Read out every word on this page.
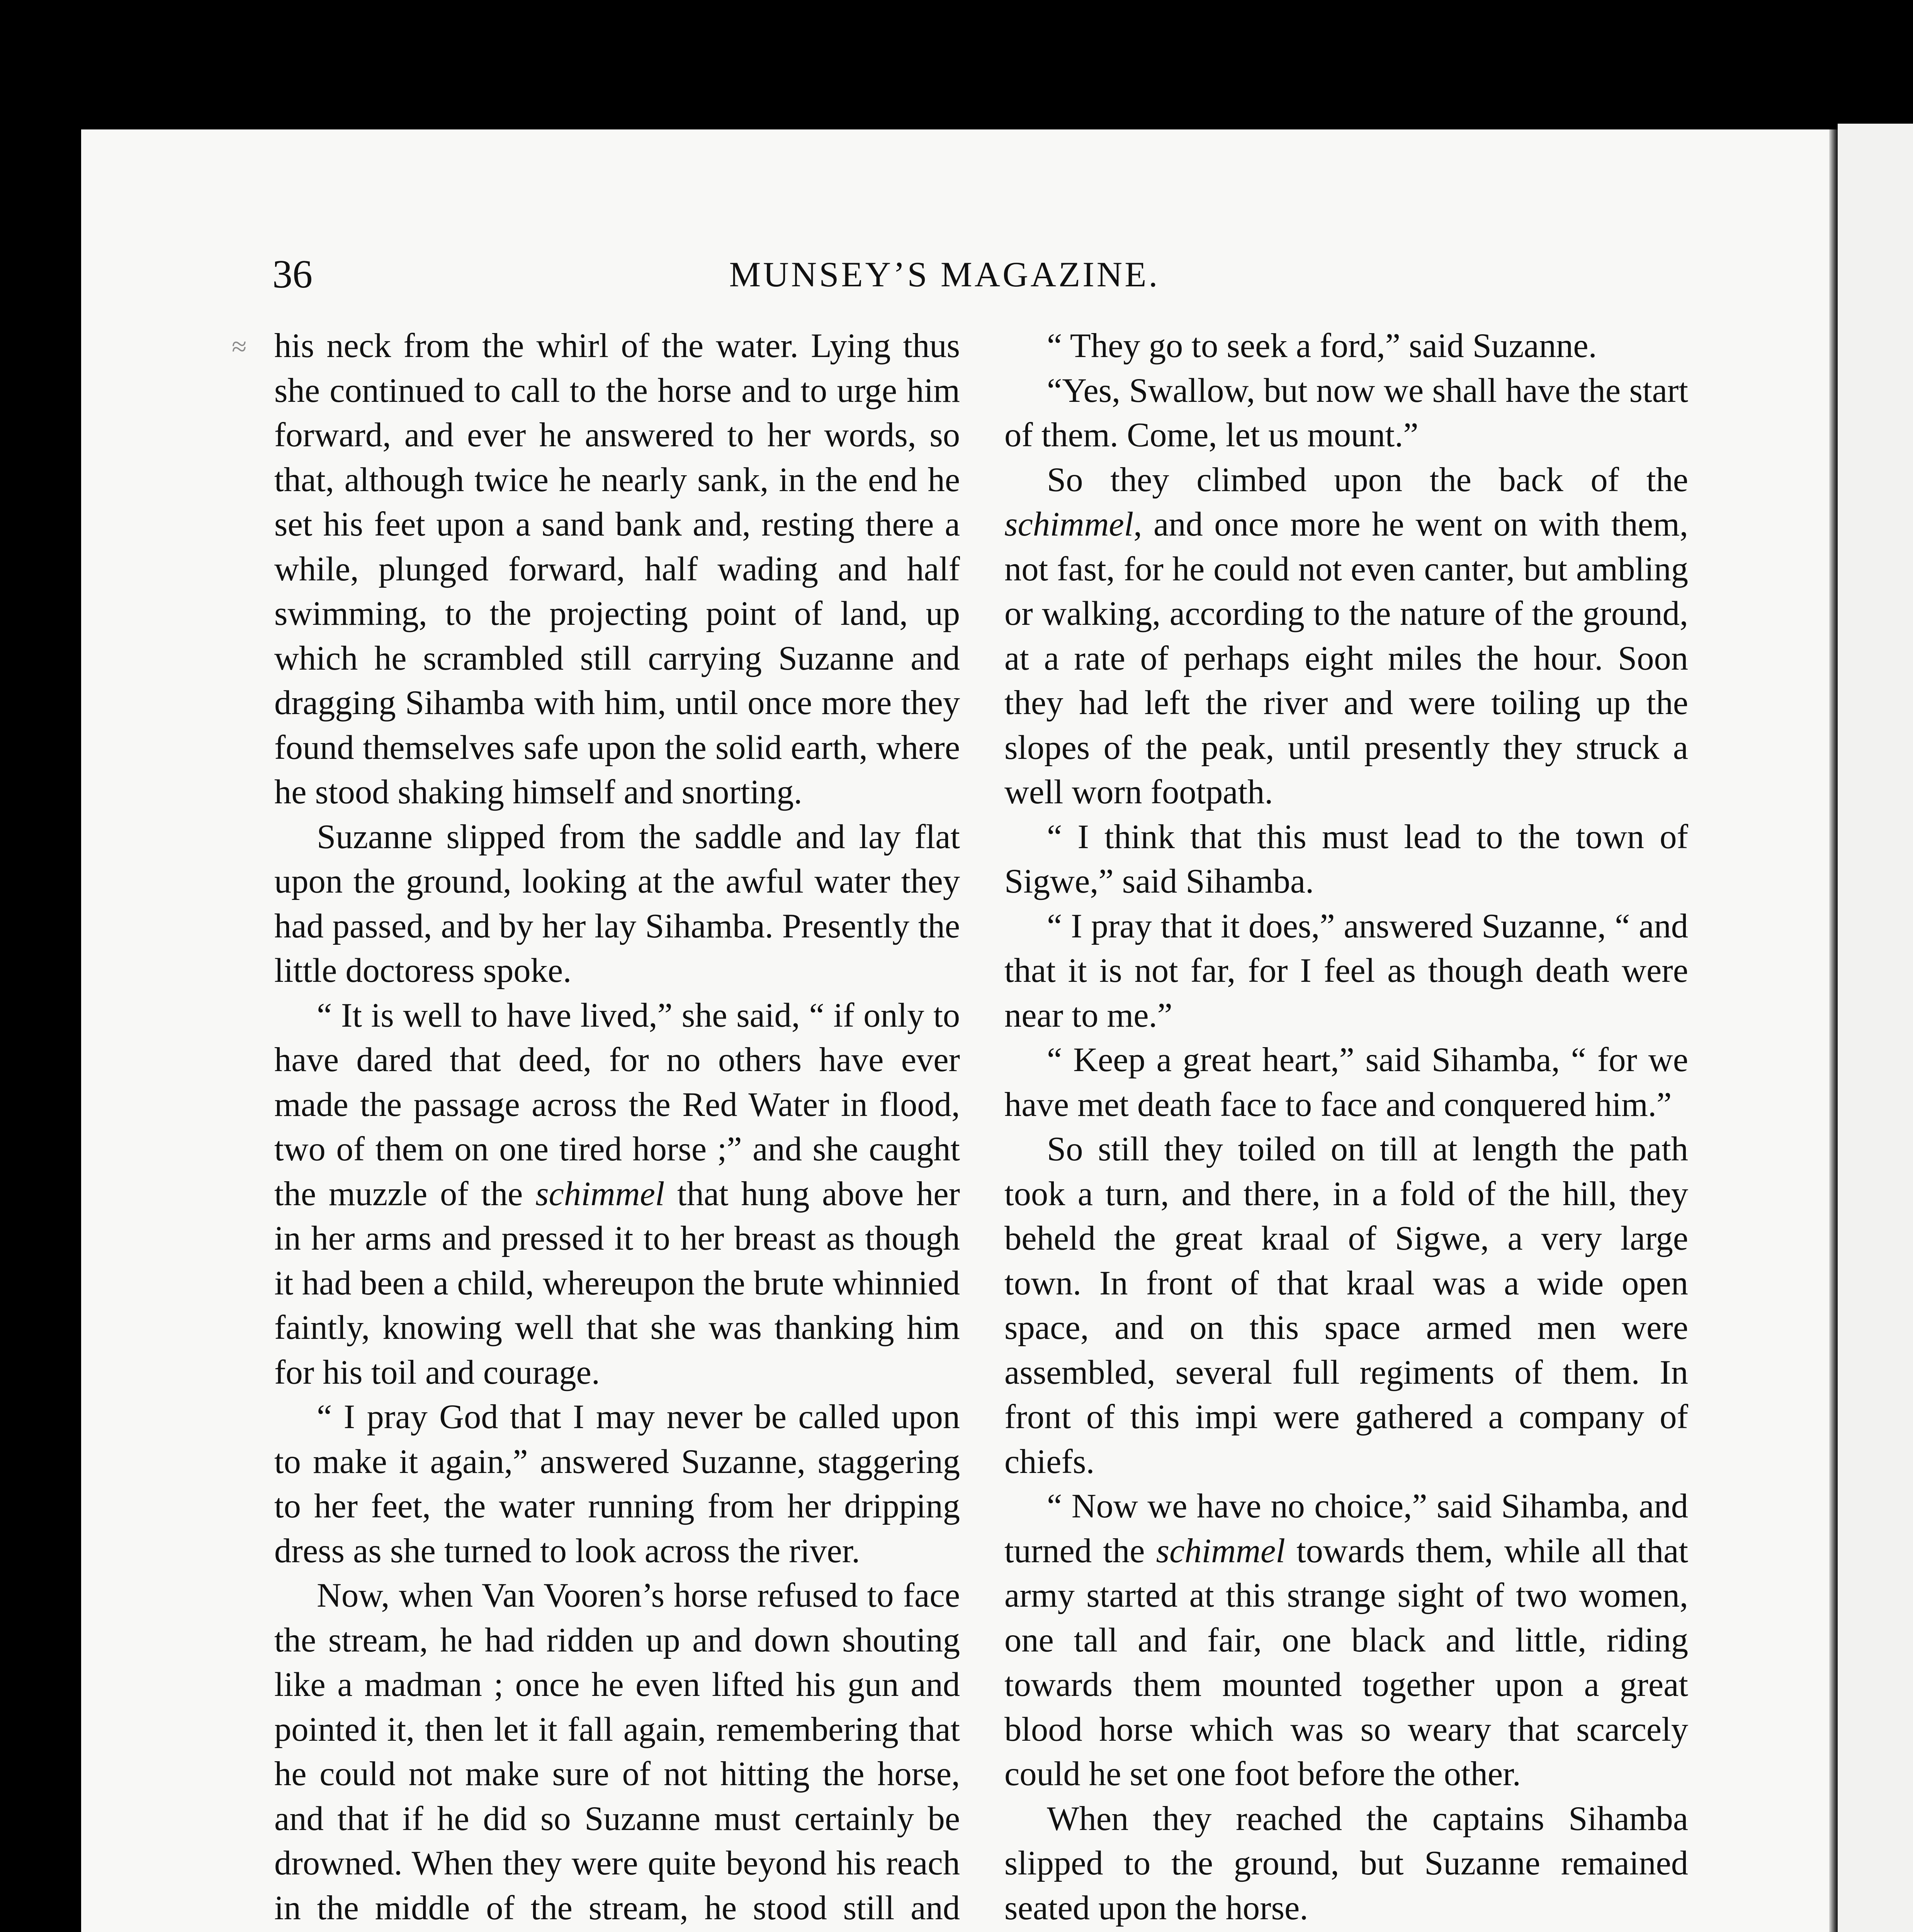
36	MUNSEY’S MAGAZINE.
≈ his neck from the whirl of the water. Lying thus she continued to call to the horse and to urge him forward, and ever he answered to her words, so that, although twice he nearly sank, in the end he set his feet upon a sand bank and, resting there a while, plunged forward, half wading and half swimming, to the projecting point of land, up which he scrambled still carrying Suzanne and dragging Sihamba with him, until once more they found themselves safe upon the solid earth, where he stood shaking himself and snorting.

Suzanne slipped from the saddle and lay flat upon the ground, looking at the awful water they had passed, and by her lay Sihamba. Presently the little doctoress spoke.

“ It is well to have lived,” she said, “ if only to have dared that deed, for no others have ever made the passage across the Red Water in flood, two of them on one tired horse ;” and she caught the muzzle of the schimmel that hung above her in her arms and pressed it to her breast as though it had been a child, whereupon the brute whinnied faintly, knowing well that she was thanking him for his toil and courage.

“ I pray God that I may never be called upon to make it again,” answered Suzanne, staggering to her feet, the water running from her dripping dress as she turned to look across the river.

Now, when Van Vooren’s horse refused to face the stream, he had ridden up and down shouting like a madman ; once he even lifted his gun and pointed it, then let it fall again, remembering that he could not make sure of not hitting the horse, and that if he did so Suzanne must certainly be drowned. When they were quite beyond his reach in the middle of the stream, he stood still and

“ They go to seek a ford,” said Suzanne.

“Yes, Swallow, but now we shall have the start of them. Come, let us mount.”

So they climbed upon the back of the schimmel, and once more he went on with them, not fast, for he could not even canter, but ambling or walking, according to the nature of the ground, at a rate of perhaps eight miles the hour. Soon they had left the river and were toiling up the slopes of the peak, until presently they struck a well worn footpath.

“ I think that this must lead to the town of Sigwe,” said Sihamba.

“ I pray that it does,” answered Suzanne, “ and that it is not far, for I feel as though death were near to me.”

“ Keep a great heart,” said Sihamba, “ for we have met death face to face and conquered him.”

So still they toiled on till at length the path took a turn, and there, in a fold of the hill, they beheld the great kraal of Sigwe, a very large town. In front of that kraal was a wide open space, and on this space armed men were assembled, several full regiments of them. In front of this impi were gathered a company of chiefs.

“ Now we have no choice,” said Sihamba, and turned the schimmel towards them, while all that army started at this strange sight of two women, one tall and fair, one black and little, riding towards them mounted together upon a great blood horse which was so weary that scarcely could he set one foot before the other.

When they reached the captains Sihamba slipped to the ground, but Suzanne remained seated upon the horse.
